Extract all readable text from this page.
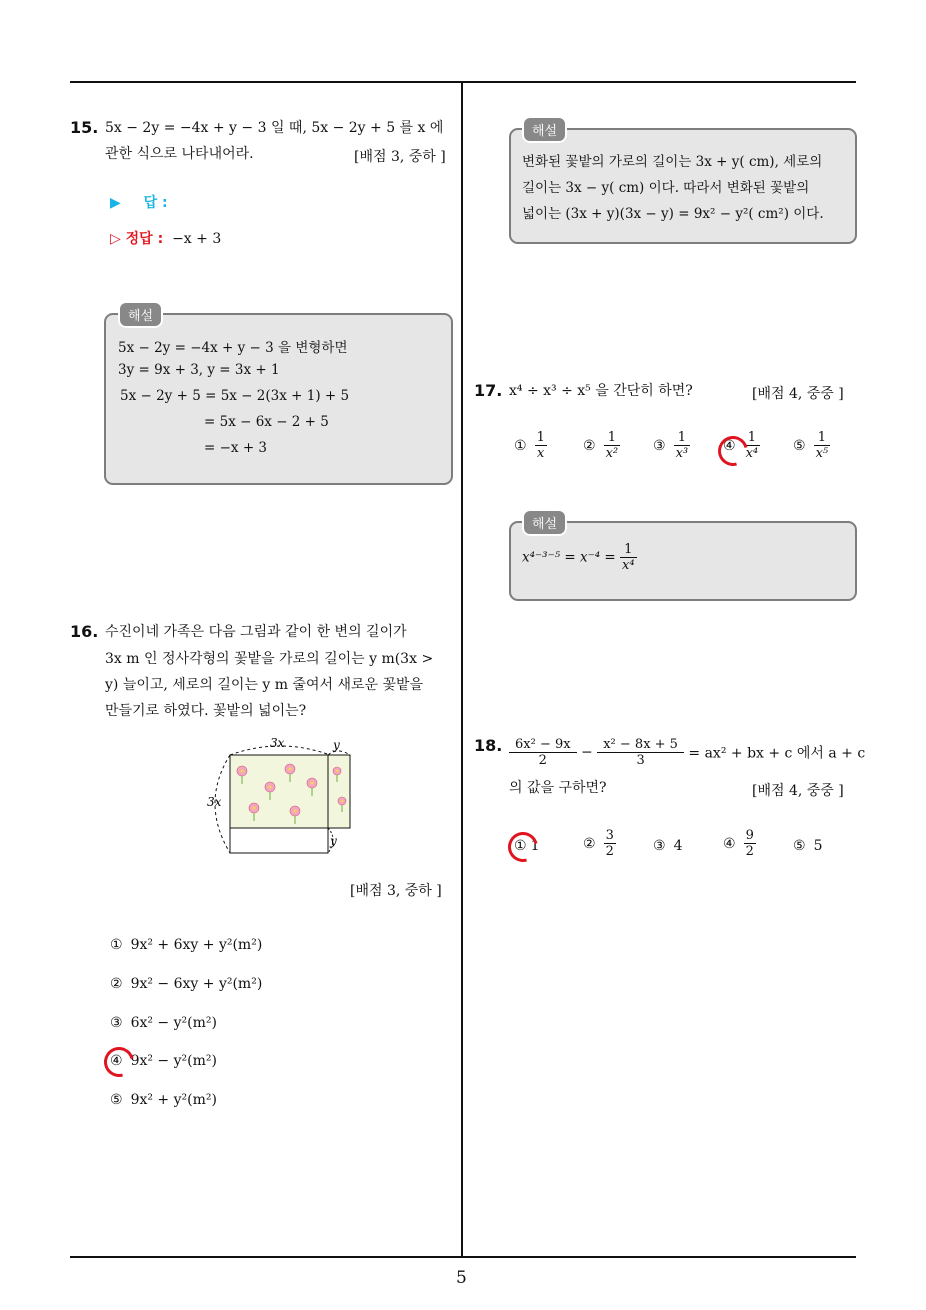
5
15. 5x − 2y = −4x + y − 3 일 때, 5x − 2y + 5 를 x 에
관한 식으로 나타내어라.	[배점 3, 중하 ]
▶ 답 :
▷ 정답 : −x + 3
해설
5x − 2y = −4x + y − 3 을 변형하면
3y = 9x + 3, y = 3x + 1
5x − 2y + 5 = 5x − 2(3x + 1) + 5
= 5x − 6x − 2 + 5
= −x + 3
16. 수진이네 가족은 다음 그림과 같이 한 변의 길이가
3x m 인 정사각형의 꽃밭을 가로의 길이는 y m(3x >
y) 늘이고, 세로의 길이는 y m 줄여서 새로운 꽃밭을
만들기로 하였다. 꽃밭의 넓이는?
3x
3x
y
y
[배점 3, 중하 ]
① 9x² + 6xy + y²(m²)
② 9x² − 6xy + y²(m²)
③ 6x² − y²(m²)
④ 9x² − y²(m²)
⑤ 9x² + y²(m²)
해설
변화된 꽃밭의 가로의 길이는 3x + y( cm), 세로의
길이는 3x − y( cm) 이다. 따라서 변화된 꽃밭의
넓이는 (3x + y)(3x − y) = 9x² − y²( cm²) 이다.
17. x⁴ ÷ x³ ÷ x⁵ 을 간단히 하면?	[배점 4, 중중 ]
① $\frac{1}{x}$	② $\frac{1}{\text{x²}}$ ③ $\frac{1}{\text{x³}}$ ④ $\frac{1}{\text{x⁴}}$ ⑤ $\frac{1}{\text{x⁵}}$
해설
$x^{4-3-5} = x^{-4} = \frac{1}{\text{x⁴}}$
18. $\frac{\text{6x² − 9x}}{2} - \frac{\text{x² − 8x + 5}}{3} = ax^2$ + bx + c 에서 a + c
의 값을 구하면?	[배점 4, 중중 ]
① 1	② $\frac{3}{2}$	③ 4	④ $\frac{9}{2}$	⑤ 5
